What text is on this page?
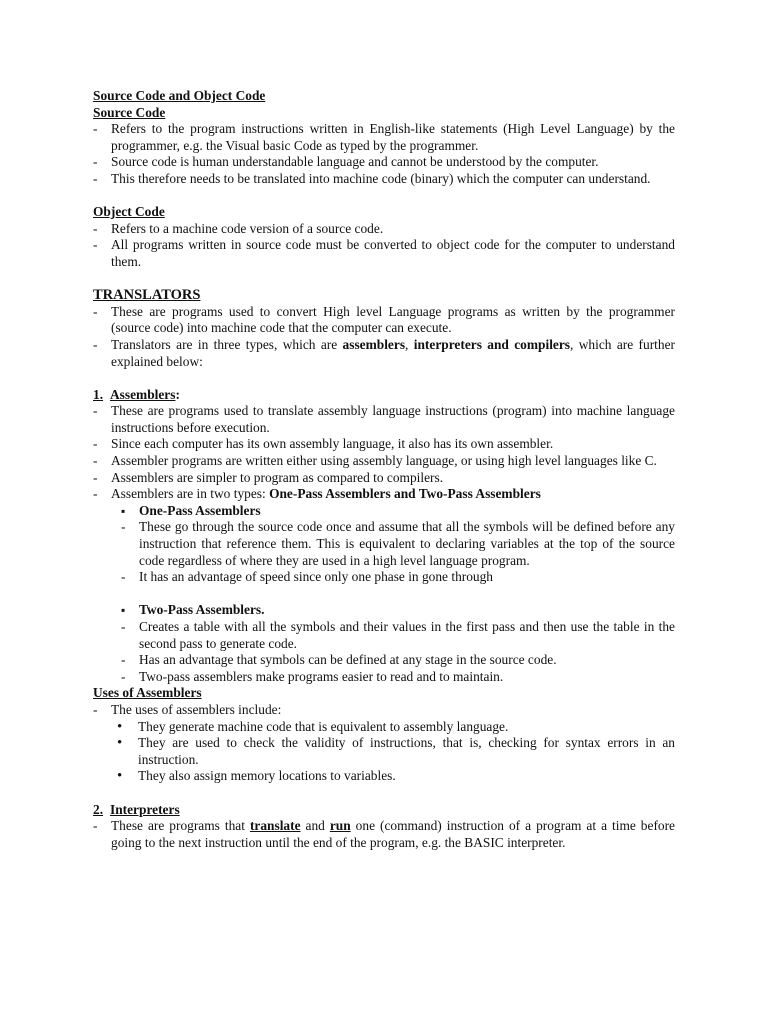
Source Code and Object Code

Source Code

- Refers to the program instructions written in English-like statements (High Level Language) by the programmer, e.g. the Visual basic Code as typed by the programmer.
- Source code is human understandable language and cannot be understood by the computer.
- This therefore needs to be translated into machine code (binary) which the computer can understand.

Object Code

- Refers to a machine code version of a source code.
- All programs written in source code must be converted to object code for the computer to understand them.

TRANSLATORS

- These are programs used to convert High level Language programs as written by the programmer (source code) into machine code that the computer can execute.
- Translators are in three types, which are assemblers, interpreters and compilers, which are further explained below:

1. Assemblers:

- These are programs used to translate assembly language instructions (program) into machine language instructions before execution.
- Since each computer has its own assembly language, it also has its own assembler.
- Assembler programs are written either using assembly language, or using high level languages like C.
- Assemblers are simpler to program as compared to compilers.
- Assemblers are in two types: One-Pass Assemblers and Two-Pass Assemblers
▪ One-Pass Assemblers
- These go through the source code once and assume that all the symbols will be defined before any instruction that reference them. This is equivalent to declaring variables at the top of the source code regardless of where they are used in a high level language program.
- It has an advantage of speed since only one phase in gone through
▪ Two-Pass Assemblers.
- Creates a table with all the symbols and their values in the first pass and then use the table in the second pass to generate code.
- Has an advantage that symbols can be defined at any stage in the source code.
- Two-pass assemblers make programs easier to read and to maintain.

Uses of Assemblers

- The uses of assemblers include:
• They generate machine code that is equivalent to assembly language.
• They are used to check the validity of instructions, that is, checking for syntax errors in an instruction.
• They also assign memory locations to variables.

2. Interpreters

- These are programs that translate and run one (command) instruction of a program at a time before going to the next instruction until the end of the program, e.g. the BASIC interpreter.
